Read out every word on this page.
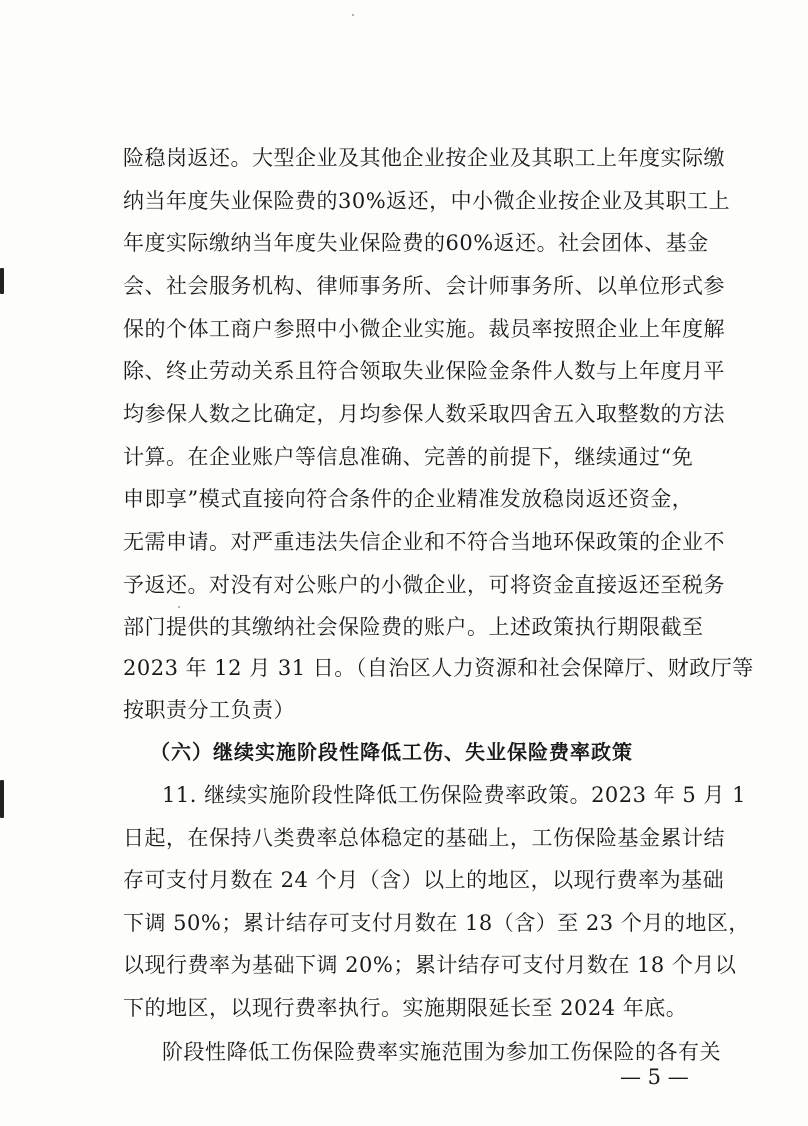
险稳岗返还。大型企业及其他企业按企业及其职工上年度实际缴
纳当年度失业保险费的30%返还，中小微企业按企业及其职工上
年度实际缴纳当年度失业保险费的60%返还。社会团体、基金
会、社会服务机构、律师事务所、会计师事务所、以单位形式参
保的个体工商户参照中小微企业实施。裁员率按照企业上年度解
除、终止劳动关系且符合领取失业保险金条件人数与上年度月平
均参保人数之比确定，月均参保人数采取四舍五入取整数的方法
计算。在企业账户等信息准确、完善的前提下，继续通过“免
申即享”模式直接向符合条件的企业精准发放稳岗返还资金，
无需申请。对严重违法失信企业和不符合当地环保政策的企业不
予返还。对没有对公账户的小微企业，可将资金直接返还至税务
部门提供的其缴纳社会保险费的账户。上述政策执行期限截至
2023 年 12 月 31 日。（自治区人力资源和社会保障厅、财政厅等
按职责分工负责）
（六）继续实施阶段性降低工伤、失业保险费率政策
11. 继续实施阶段性降低工伤保险费率政策。2023 年 5 月 1
日起，在保持八类费率总体稳定的基础上，工伤保险基金累计结
存可支付月数在 24 个月（含）以上的地区，以现行费率为基础
下调 50%；累计结存可支付月数在 18（含）至 23 个月的地区，
以现行费率为基础下调 20%；累计结存可支付月数在 18 个月以
下的地区，以现行费率执行。实施期限延长至 2024 年底。
阶段性降低工伤保险费率实施范围为参加工伤保险的各有关
— 5 —
